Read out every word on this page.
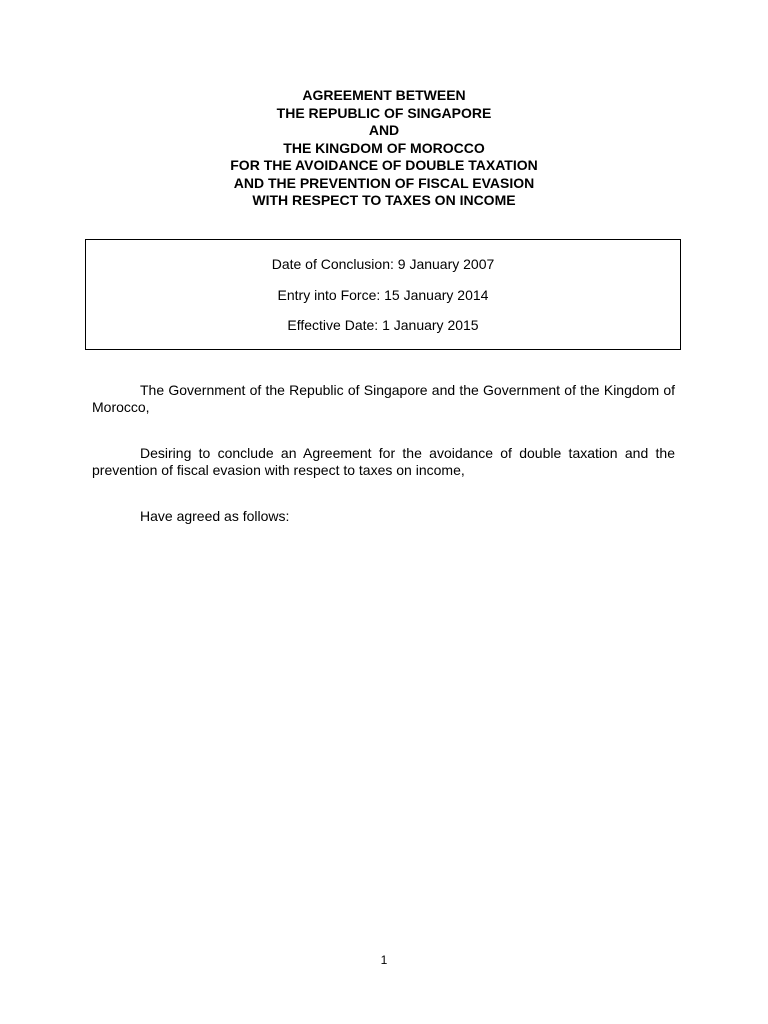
AGREEMENT BETWEEN
THE REPUBLIC OF SINGAPORE
AND
THE KINGDOM OF MOROCCO
FOR THE AVOIDANCE OF DOUBLE TAXATION
AND THE PREVENTION OF FISCAL EVASION
WITH RESPECT TO TAXES ON INCOME
Date of Conclusion: 9 January 2007
Entry into Force: 15 January 2014
Effective Date: 1 January 2015

The Government of the Republic of Singapore and the Government of the Kingdom of Morocco,

Desiring to conclude an Agreement for the avoidance of double taxation and the prevention of fiscal evasion with respect to taxes on income,

Have agreed as follows:

1
